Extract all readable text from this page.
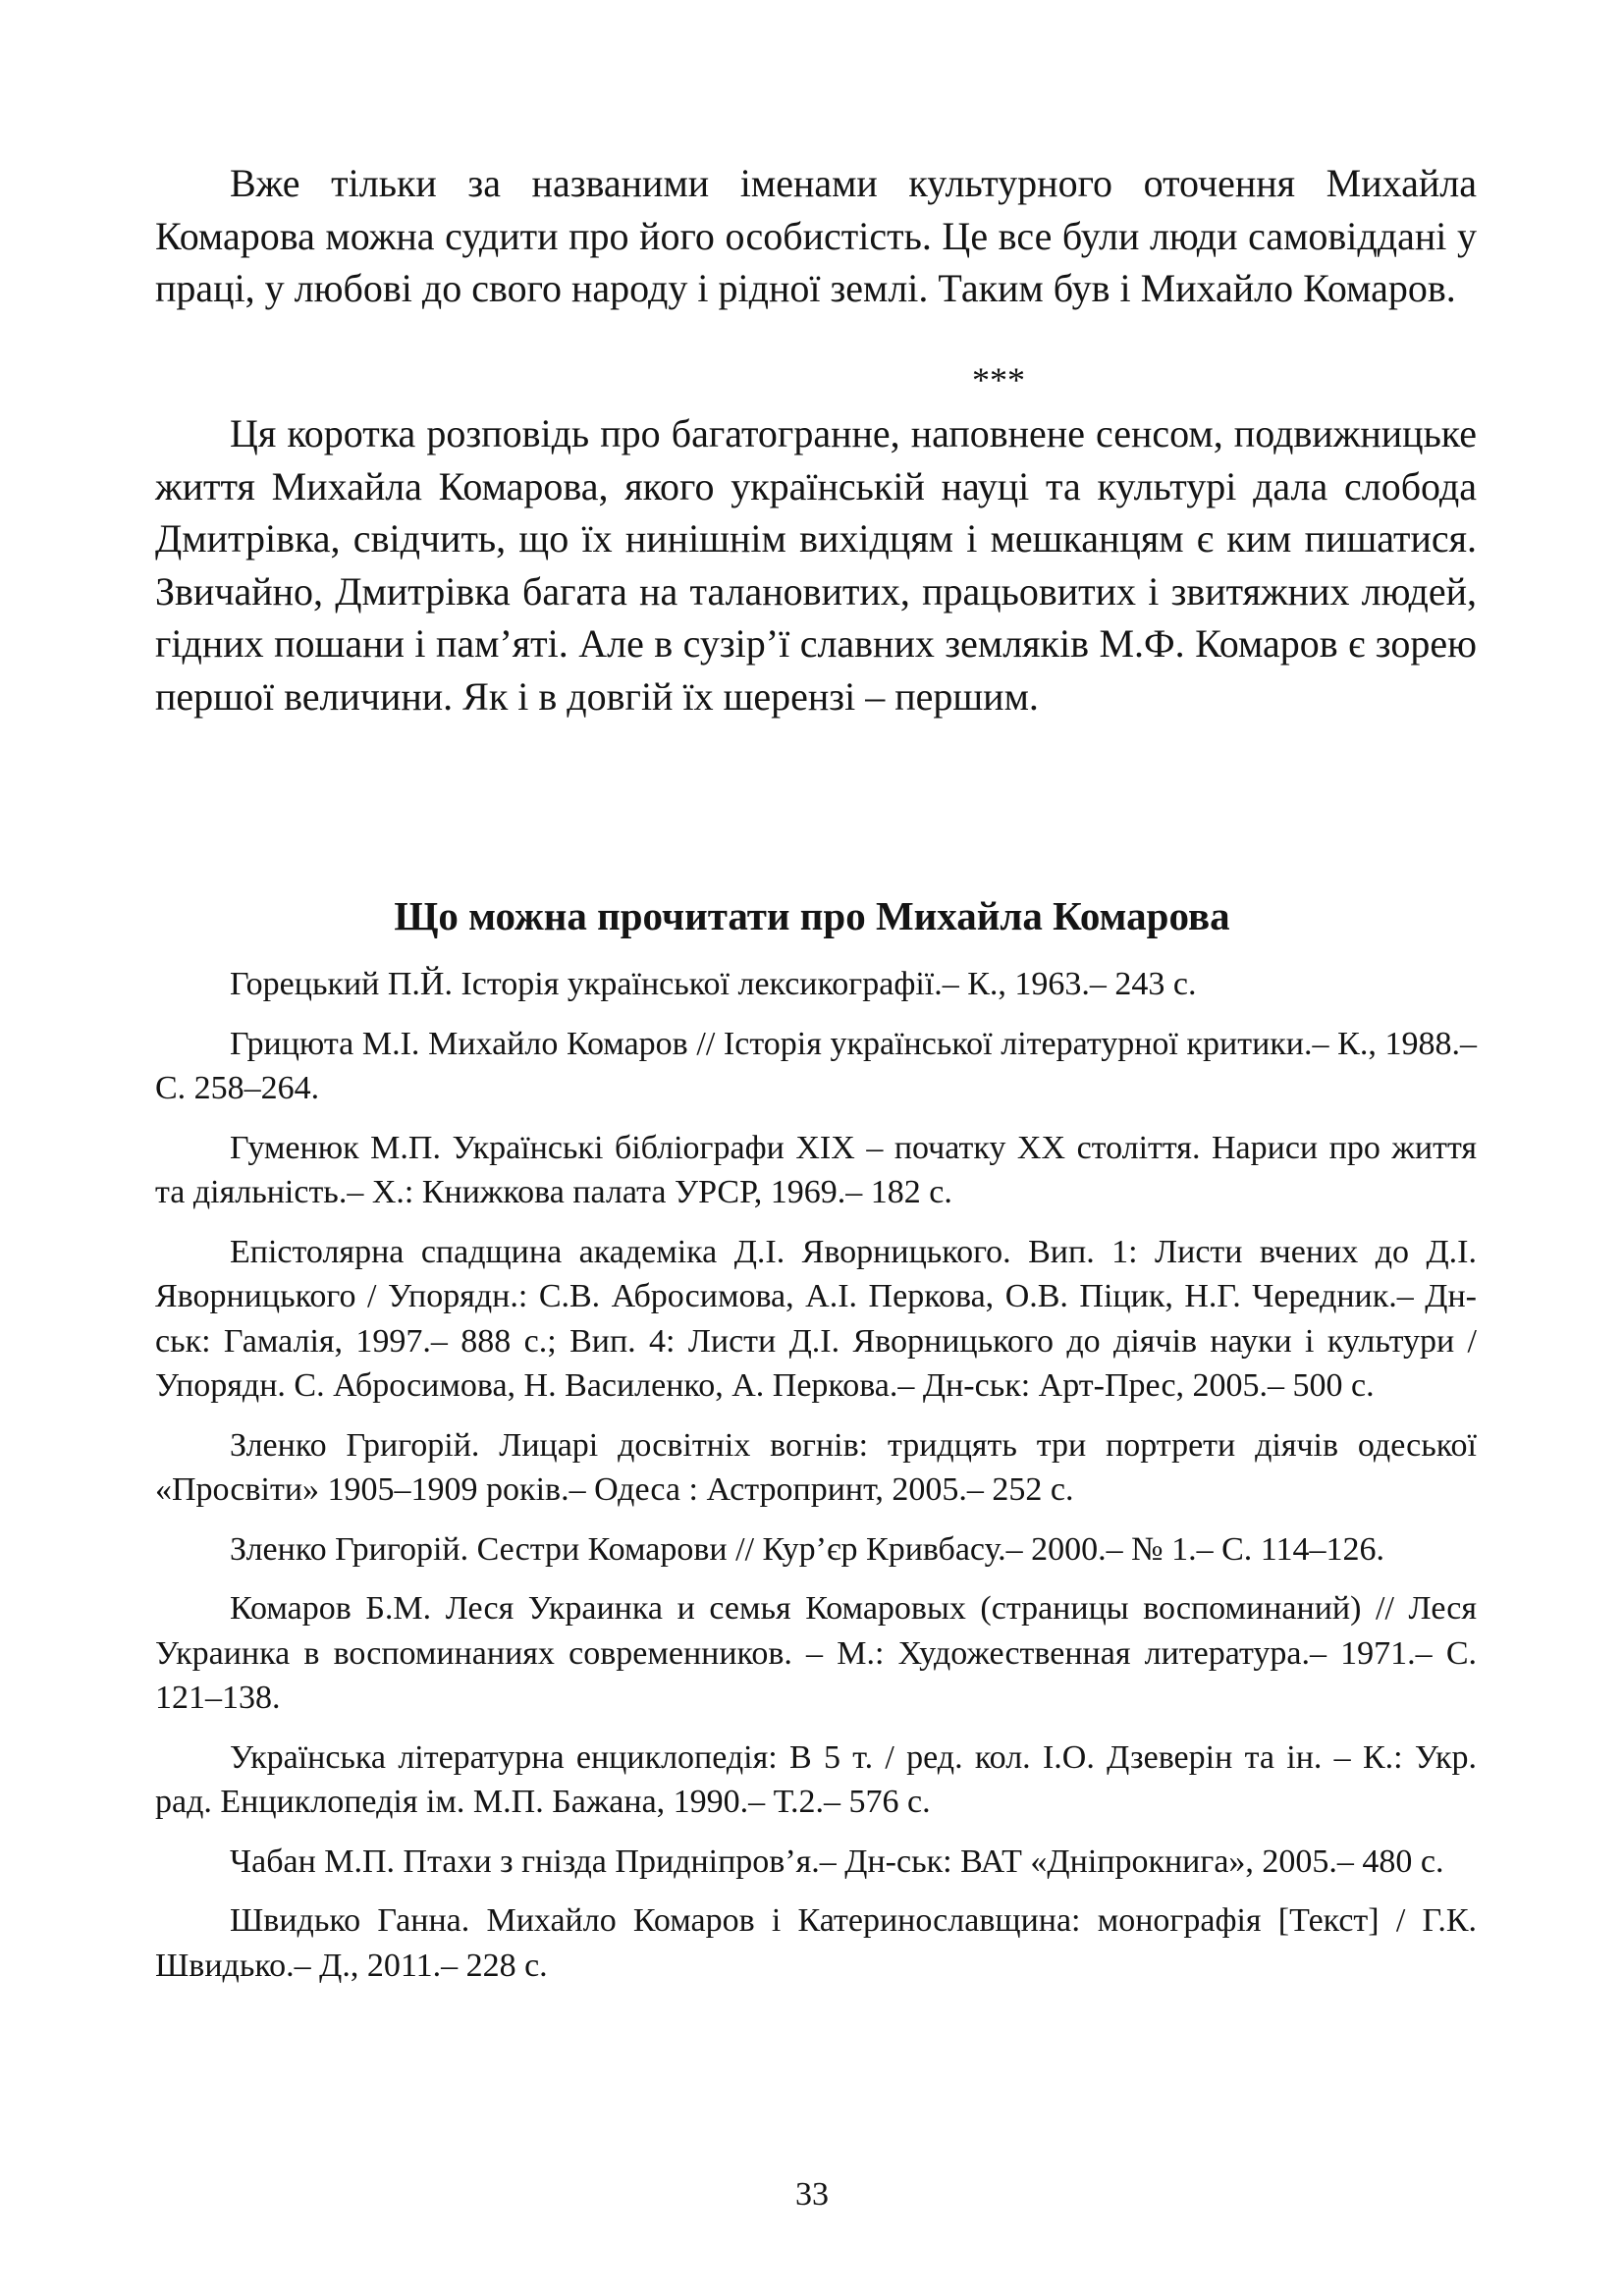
Вже тільки за названими іменами культурного оточення Михайла Комарова можна судити про його особистість. Це все були люди самовіддані у праці, у любові до свого народу і рідної землі. Таким був і Михайло Комаров.

***

Ця коротка розповідь про багатогранне, наповнене сенсом, подвижницьке життя Михайла Комарова, якого українській науці та культурі дала слобода Дмитрівка, свідчить, що їх нинішнім вихідцям і мешканцям є ким пишатися. Звичайно, Дмитрівка багата на талановитих, працьовитих і звитяжних людей, гідних пошани і пам’яті. Але в сузір’ї славних земляків М.Ф. Комаров є зорею першої величини. Як і в довгій їх шерензі – першим.

Що можна прочитати про Михайла Комарова
Горецький П.Й. Історія української лексикографії.– К., 1963.– 243 с.
Грицюта М.І. Михайло Комаров // Історія української літературної критики.– К., 1988.– С. 258–264.
Гуменюк М.П. Українські бібліографи XIX – початку XX століття. Нариси про життя та діяльність.– Х.: Книжкова палата УРСР, 1969.– 182 с.
Епістолярна спадщина академіка Д.І. Яворницького. Вип. 1: Листи вчених до Д.І. Яворницького / Упорядн.: С.В. Абросимова, А.І. Перкова, О.В. Піцик, Н.Г. Чередник.– Дн-ськ: Гамалія, 1997.– 888 с.; Вип. 4: Листи Д.І. Яворницького до діячів науки і культури / Упорядн. С. Абросимова, Н. Василенко, А. Перкова.– Дн-ськ: Арт-Прес, 2005.– 500 с.
Зленко Григорій. Лицарі досвітніх вогнів: тридцять три портрети діячів одеської «Просвіти» 1905–1909 років.– Одеса : Астропринт, 2005.– 252 с.
Зленко Григорій. Сестри Комарови // Кур’єр Кривбасу.– 2000.– № 1.– С. 114–126.
Комаров Б.М. Леся Украинка и семья Комаровых (страницы воспоминаний) // Леся Украинка в воспоминаниях современников. – М.: Художественная литература.– 1971.– С. 121–138.
Українська літературна енциклопедія: В 5 т. / ред. кол. І.О. Дзеверін та ін. – К.: Укр. рад. Енциклопедія ім. М.П. Бажана, 1990.– Т.2.– 576 с.
Чабан М.П. Птахи з гнізда Придніпров’я.– Дн-ськ: ВАТ «Дніпрокнига», 2005.– 480 с.
Швидько Ганна. Михайло Комаров і Катеринославщина: монографія [Текст] / Г.К. Швидько.– Д., 2011.– 228 с.
33
